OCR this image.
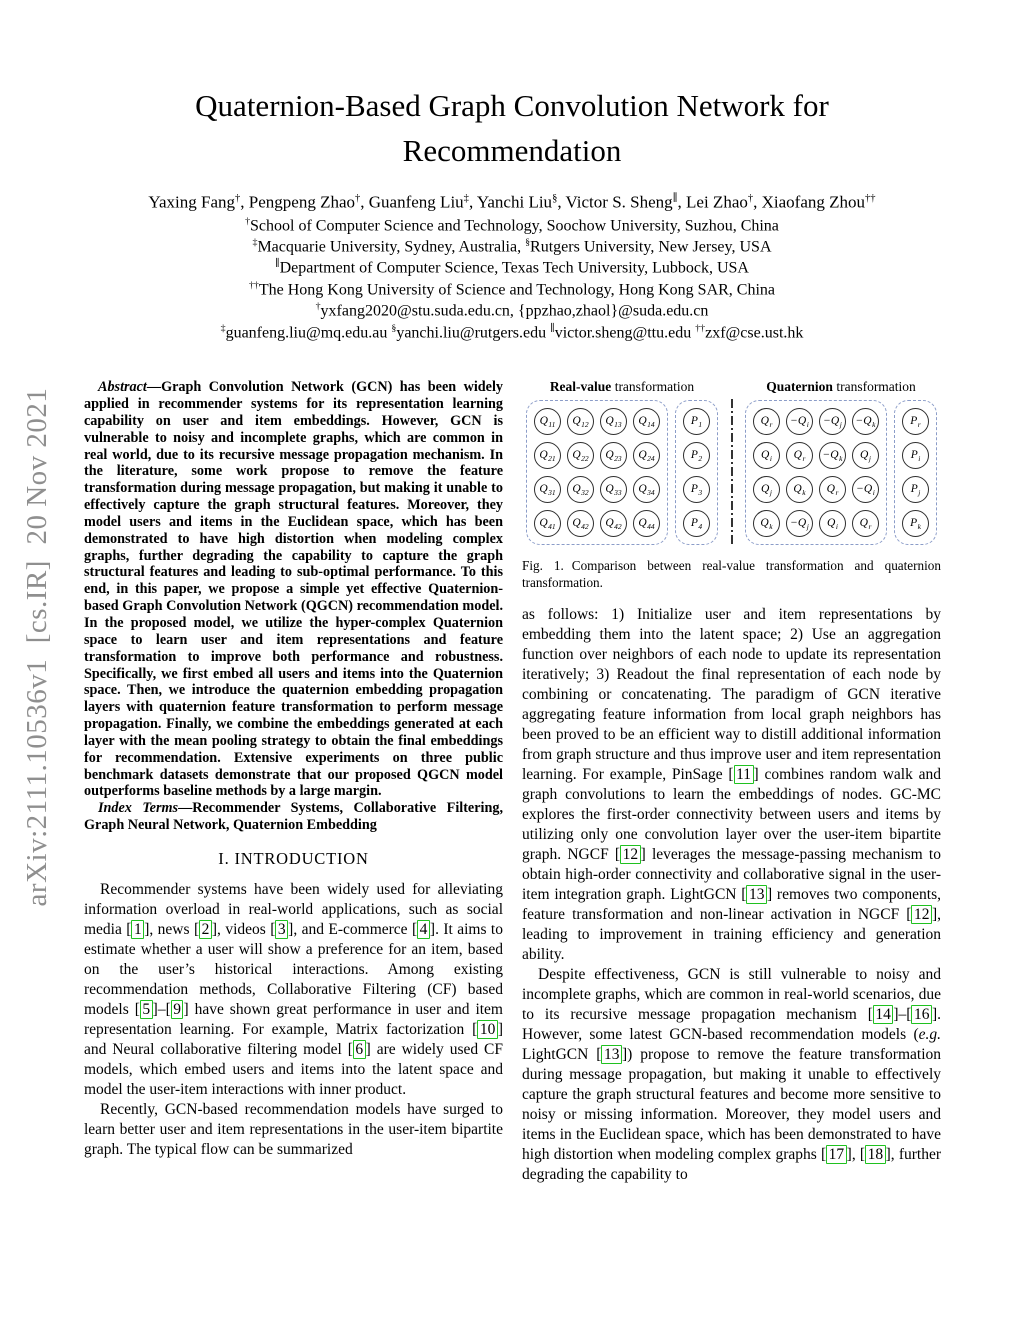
arXiv:2111.10536v1  [cs.IR]  20 Nov 2021
Quaternion-Based Graph Convolution Network for
Recommendation
Yaxing Fang†, Pengpeng Zhao†, Guanfeng Liu‡, Yanchi Liu§, Victor S. Sheng∥, Lei Zhao†, Xiaofang Zhou††
†School of Computer Science and Technology, Soochow University, Suzhou, China
‡Macquarie University, Sydney, Australia, §Rutgers University, New Jersey, USA
∥Department of Computer Science, Texas Tech University, Lubbock, USA
††The Hong Kong University of Science and Technology, Hong Kong SAR, China
†yxfang2020@stu.suda.edu.cn, {ppzhao,zhaol}@suda.edu.cn
‡guanfeng.liu@mq.edu.au §yanchi.liu@rutgers.edu ∥victor.sheng@ttu.edu ††zxf@cse.ust.hk

Abstract—Graph Convolution Network (GCN) has been widely applied in recommender systems for its representation learning capability on user and item embeddings. However, GCN is vulnerable to noisy and incomplete graphs, which are common in real world, due to its recursive message propagation mechanism. In the literature, some work propose to remove the feature transformation during message propagation, but making it unable to effectively capture the graph structural features. Moreover, they model users and items in the Euclidean space, which has been demonstrated to have high distortion when modeling complex graphs, further degrading the capability to capture the graph structural features and leading to sub-optimal performance. To this end, in this paper, we propose a simple yet effective Quaternion-based Graph Convolution Network (QGCN) recommendation model. In the proposed model, we utilize the hyper-complex Quaternion space to learn user and item representations and feature transformation to improve both performance and robustness. Specifically, we first embed all users and items into the Quaternion space. Then, we introduce the quaternion embedding propagation layers with quaternion feature transformation to perform message propagation. Finally, we combine the embeddings generated at each layer with the mean pooling strategy to obtain the final embeddings for recommendation. Extensive experiments on three public benchmark datasets demonstrate that our proposed QGCN model outperforms baseline methods by a large margin.

Index Terms—Recommender Systems, Collaborative Filtering, Graph Neural Network, Quaternion Embedding

I. INTRODUCTION

Recommender systems have been widely used for alleviating information overload in real-world applications, such as social media [ 1 ], news [ 2 ], videos [ 3 ], and E-commerce [ 4 ]. It aims to estimate whether a user will show a preference for an item, based on the user’s historical interactions. Among existing recommendation methods, Collaborative Filtering (CF) based models [ 5 ]–[ 9 ] have shown great performance in user and item representation learning. For example, Matrix factorization [ 10 ] and Neural collaborative filtering model [ 6 ] are widely used CF models, which embed users and items into the latent space and model the user-item interactions with inner product.

Recently, GCN-based recommendation models have surged to learn better user and item representations in the user-item bipartite graph. The typical flow can be summarized

Real-value transformation
$Q_{11}$ $Q_{12}$ $Q_{13}$ $Q_{14}$
$Q_{21}$ $Q_{22}$ $Q_{23}$ $Q_{24}$
$Q_{31}$ $Q_{32}$ $Q_{33}$ $Q_{34}$
$Q_{41}$ $Q_{42}$ $Q_{42}$ $Q_{44}$
$P_1$
$P_2$
$P_3$
$P_4$
Quaternion transformation
$Q_r$	− $Q_i$	− $Q_j$	− $Q_k$
$Q_i$ $Q_r$	− $Q_k$ $Q_j$
$Q_j$ $Q_k$ $Q_r$	− $Q_i$
$Q_k$	− $Q_j$ $Q_i$ $Q_r$
$P_r$
$P_i$
$P_j$
$P_k$
Fig. 1. Comparison between real-value transformation and quaternion transformation.

as follows: 1) Initialize user and item representations by embedding them into the latent space; 2) Use an aggregation function over neighbors of each node to update its representation iteratively; 3) Readout the final representation of each node by combining or concatenating. The paradigm of GCN iterative aggregating feature information from local graph neighbors has been proved to be an efficient way to distill additional information from graph structure and thus improve user and item representation learning. For example, PinSage [ 11 ] combines random walk and graph convolutions to learn the embeddings of nodes. GC-MC explores the first-order connectivity between users and items by utilizing only one convolution layer over the user-item bipartite graph. NGCF [ 12 ] leverages the message-passing mechanism to obtain high-order connectivity and collaborative signal in the user-item integration graph. LightGCN [ 13 ] removes two components, feature transformation and non-linear activation in NGCF [ 12 ], leading to improvement in training efficiency and generation ability.

Despite effectiveness, GCN is still vulnerable to noisy and incomplete graphs, which are common in real-world scenarios, due to its recursive message propagation mechanism [ 14 ]–[ 16 ]. However, some latest GCN-based recommendation models (e.g. LightGCN [ 13 ]) propose to remove the feature transformation during message propagation, but making it unable to effectively capture the graph structural features and become more sensitive to noisy or missing information. Moreover, they model users and items in the Euclidean space, which has been demonstrated to have high distortion when modeling complex graphs [ 17 ], [ 18 ], further degrading the capability to
